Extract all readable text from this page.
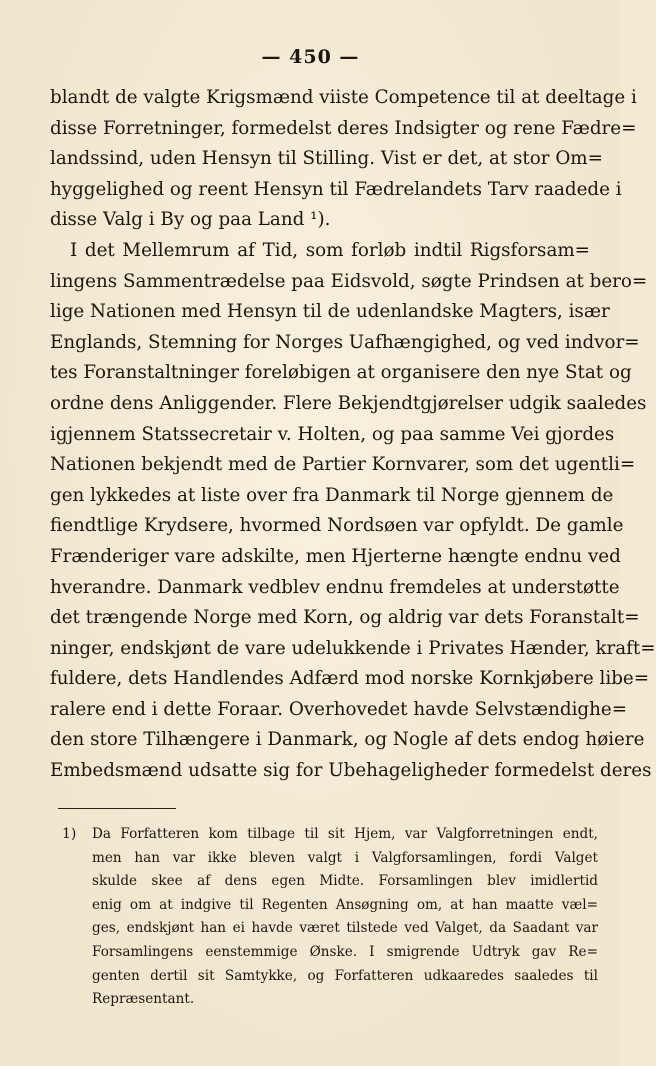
— 450 —
blandt de valgte Krigsmænd viiste Competence til at deeltage i
disse Forretninger, formedelst deres Indsigter og rene Fædre=
landssind, uden Hensyn til Stilling. Vist er det, at stor Om=
hyggelighed og reent Hensyn til Fædrelandets Tarv raadede i
disse Valg i By og paa Land ¹).
I det Mellemrum af Tid, som forløb indtil Rigsforsam=
lingens Sammentrædelse paa Eidsvold, søgte Prindsen at bero=
lige Nationen med Hensyn til de udenlandske Magters, især
Englands, Stemning for Norges Uafhængighed, og ved indvor=
tes Foranstaltninger foreløbigen at organisere den nye Stat og
ordne dens Anliggender. Flere Bekjendtgjørelser udgik saaledes
igjennem Statssecretair v. Holten, og paa samme Vei gjordes
Nationen bekjendt med de Partier Kornvarer, som det ugentli=
gen lykkedes at liste over fra Danmark til Norge gjennem de
fiendtlige Krydsere, hvormed Nordsøen var opfyldt. De gamle
Frænderiger vare adskilte, men Hjerterne hængte endnu ved
hverandre. Danmark vedblev endnu fremdeles at understøtte
det trængende Norge med Korn, og aldrig var dets Foranstalt=
ninger, endskjønt de vare udelukkende i Privates Hænder, kraft=
fuldere, dets Handlendes Adfærd mod norske Kornkjøbere libe=
ralere end i dette Foraar. Overhovedet havde Selvstændighe=
den store Tilhængere i Danmark, og Nogle af dets endog høiere
Embedsmænd udsatte sig for Ubehageligheder formedelst deres
1) Da Forfatteren kom tilbage til sit Hjem, var Valgforretningen endt,
men han var ikke bleven valgt i Valgforsamlingen, fordi Valget
skulde skee af dens egen Midte. Forsamlingen blev imidlertid
enig om at indgive til Regenten Ansøgning om, at han maatte væl=
ges, endskjønt han ei havde været tilstede ved Valget, da Saadant var
Forsamlingens eenstemmige Ønske. I smigrende Udtryk gav Re=
genten dertil sit Samtykke, og Forfatteren udkaaredes saaledes til
Repræsentant.
